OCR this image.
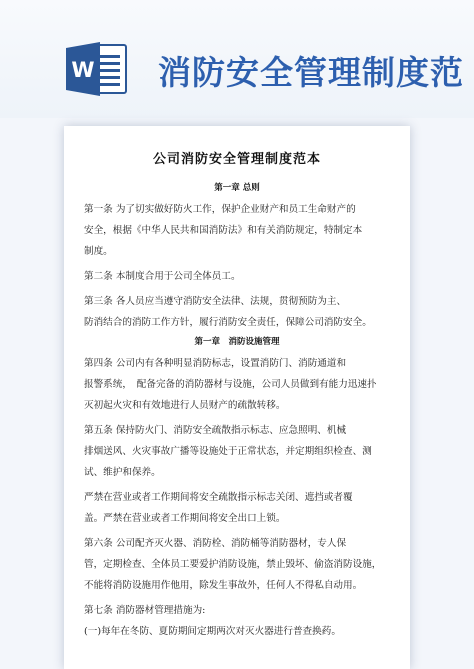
W 消防安全管理制度范
公司消防安全管理制度范本
第一章 总则

第一条 为了切实做好防火工作，保护企业财产和员工生命财产的

安全，根据《中华人民共和国消防法》和有关消防规定，特制定本

制度。

第二条 本制度合用于公司全体员工。

第三条 各人员应当遵守消防安全法律、法规，贯彻预防为主、

防消结合的消防工作方针，履行消防安全责任，保障公司消防安全。

第一章　消防设施管理

第四条 公司内有各种明显消防标志，设置消防门、消防通道和

报警系统，　配备完备的消防器材与设施，公司人员做到有能力迅速扑

灭初起火灾和有效地进行人员财产的疏散转移。

第五条 保持防火门、消防安全疏散指示标志、应急照明、机械

排烟送风、火灾事故广播等设施处于正常状态，并定期组织检查、测

试、维护和保养。

严禁在营业或者工作期间将安全疏散指示标志关闭、遮挡或者覆

盖。严禁在营业或者工作期间将安全出口上锁。

第六条 公司配齐灭火器、消防栓、消防桶等消防器材，专人保

管，定期检查、全体员工要爱护消防设施，禁止毁坏、偷盗消防设施，

不能将消防设施用作他用，除发生事故外，任何人不得私自动用。

第七条 消防器材管理措施为:

(一)每年在冬防、夏防期间定期两次对灭火器进行普查换药。
